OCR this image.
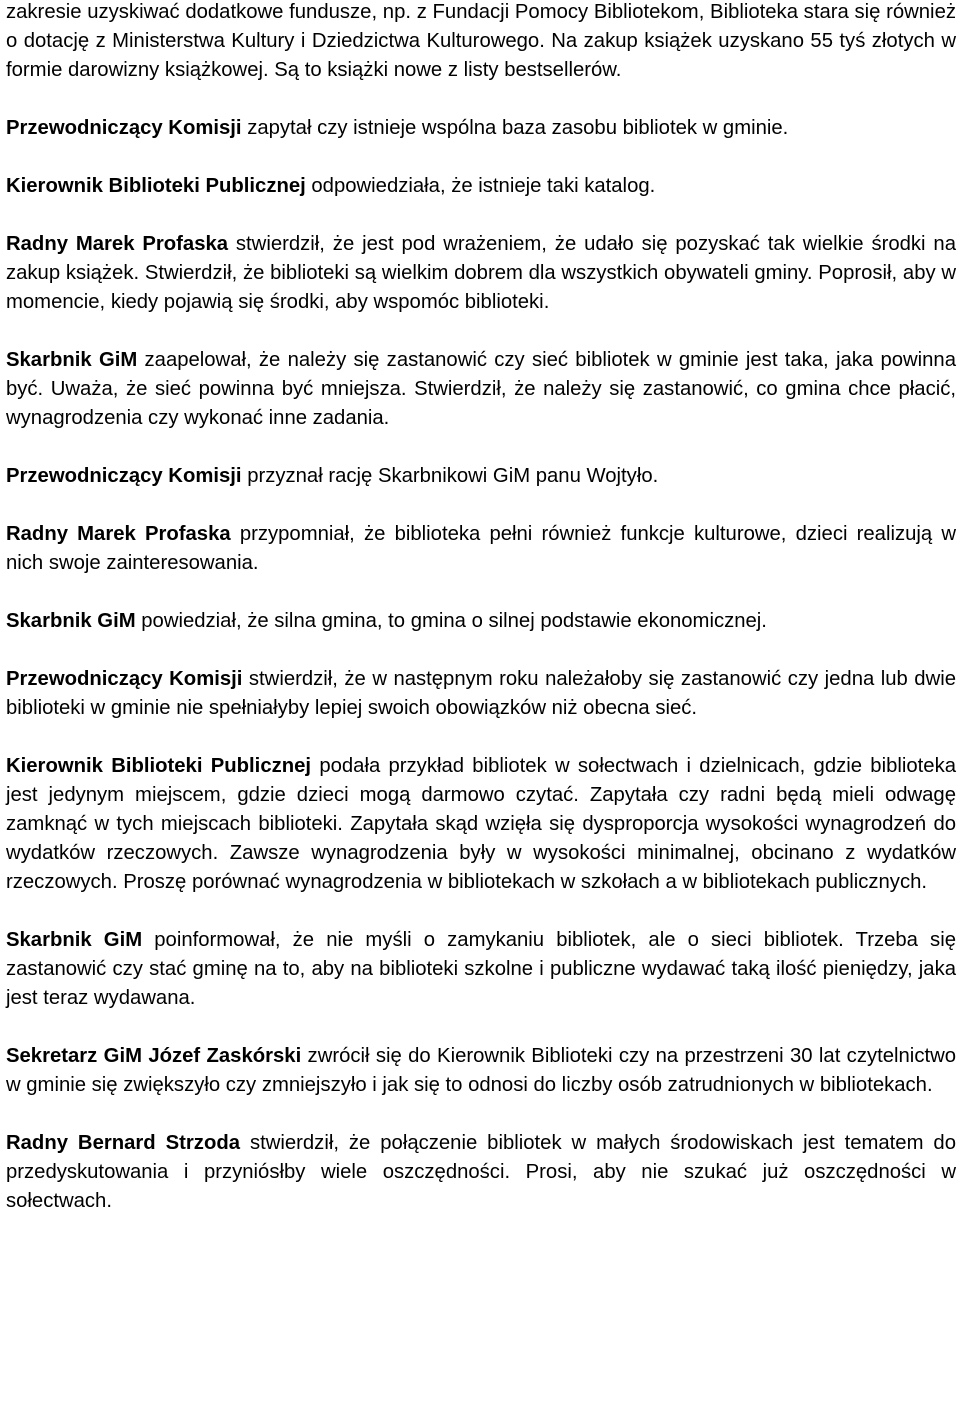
zakresie uzyskiwać dodatkowe fundusze, np. z Fundacji Pomocy Bibliotekom, Biblioteka stara się również o dotację z Ministerstwa Kultury i Dziedzictwa Kulturowego. Na zakup książek uzyskano 55 tyś złotych w formie darowizny książkowej. Są to książki nowe z listy bestsellerów.

Przewodniczący Komisji zapytał czy istnieje wspólna baza zasobu bibliotek w gminie.

Kierownik Biblioteki Publicznej odpowiedziała, że istnieje taki katalog.

Radny Marek Profaska stwierdził, że jest pod wrażeniem, że udało się pozyskać tak wielkie środki na zakup książek. Stwierdził, że biblioteki są wielkim dobrem dla wszystkich obywateli gminy. Poprosił, aby w momencie, kiedy pojawią się środki, aby wspomóc biblioteki.

Skarbnik GiM zaapelował, że należy się zastanowić czy sieć bibliotek w gminie jest taka, jaka powinna być. Uważa, że sieć powinna być mniejsza. Stwierdził, że należy się zastanowić, co gmina chce płacić, wynagrodzenia czy wykonać inne zadania.

Przewodniczący Komisji przyznał rację Skarbnikowi GiM panu Wojtyło.

Radny Marek Profaska przypomniał, że biblioteka pełni również funkcje kulturowe, dzieci realizują w nich swoje zainteresowania.

Skarbnik GiM powiedział, że silna gmina, to gmina o silnej podstawie ekonomicznej.

Przewodniczący Komisji stwierdził, że w następnym roku należałoby się zastanowić czy jedna lub dwie biblioteki w gminie nie spełniałyby lepiej swoich obowiązków niż obecna sieć.

Kierownik Biblioteki Publicznej podała przykład bibliotek w sołectwach i dzielnicach, gdzie biblioteka jest jedynym miejscem, gdzie dzieci mogą darmowo czytać. Zapytała czy radni będą mieli odwagę zamknąć w tych miejscach biblioteki. Zapytała skąd wzięła się dysproporcja wysokości wynagrodzeń do wydatków rzeczowych. Zawsze wynagrodzenia były w wysokości minimalnej, obcinano z wydatków rzeczowych. Proszę porównać wynagrodzenia w bibliotekach w szkołach a w bibliotekach publicznych.

Skarbnik GiM poinformował, że nie myśli o zamykaniu bibliotek, ale o sieci bibliotek. Trzeba się zastanowić czy stać gminę na to, aby na biblioteki szkolne i publiczne wydawać taką ilość pieniędzy, jaka jest teraz wydawana.

Sekretarz GiM Józef Zaskórski zwrócił się do Kierownik Biblioteki czy na przestrzeni 30 lat czytelnictwo w gminie się zwiększyło czy zmniejszyło i jak się to odnosi do liczby osób zatrudnionych w bibliotekach.

Radny Bernard Strzoda stwierdził, że połączenie bibliotek w małych środowiskach jest tematem do przedyskutowania i przyniósłby wiele oszczędności. Prosi, aby nie szukać już oszczędności w sołectwach.
